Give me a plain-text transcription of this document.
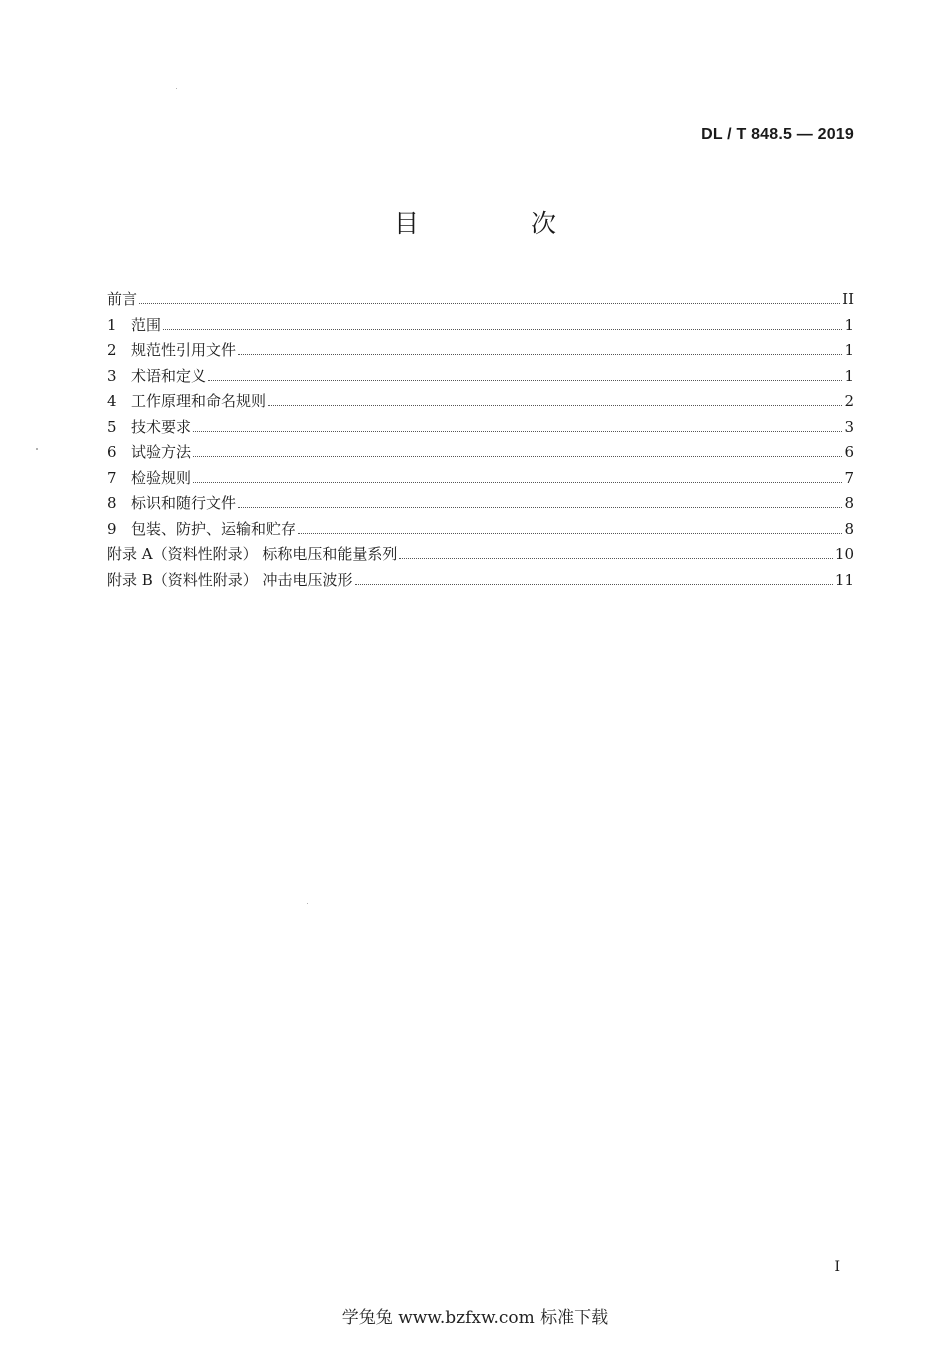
DL / T 848.5 — 2019
目 次
前言	II
1 范围	1
2 规范性引用文件	1
3 术语和定义	1
4 工作原理和命名规则	2
5 技术要求	3
6 试验方法	6
7 检验规则	7
8 标识和随行文件	8
9 包装、防护、运输和贮存	8
附录 A（资料性附录） 标称电压和能量系列	10
附录 B（资料性附录） 冲击电压波形	11
I
学兔兔 www.bzfxw.com 标准下载
